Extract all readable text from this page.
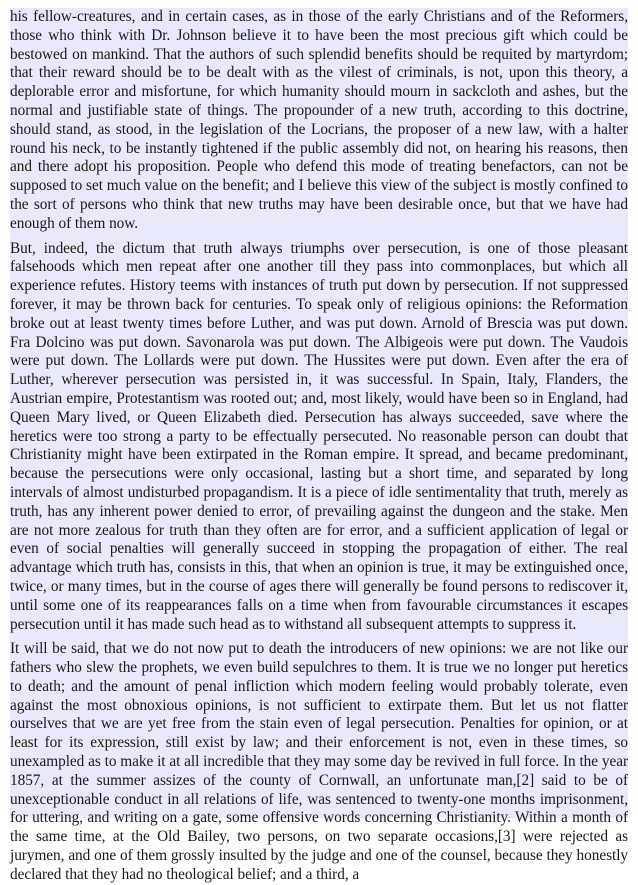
his fellow-creatures, and in certain cases, as in those of the early Christians and of the Reformers, those who think with Dr. Johnson believe it to have been the most precious gift which could be bestowed on mankind. That the authors of such splendid benefits should be requited by martyrdom; that their reward should be to be dealt with as the vilest of criminals, is not, upon this theory, a deplorable error and misfortune, for which humanity should mourn in sackcloth and ashes, but the normal and justifiable state of things. The propounder of a new truth, according to this doctrine, should stand, as stood, in the legislation of the Locrians, the proposer of a new law, with a halter round his neck, to be instantly tightened if the public assembly did not, on hearing his reasons, then and there adopt his proposition. People who defend this mode of treating benefactors, can not be supposed to set much value on the benefit; and I believe this view of the subject is mostly confined to the sort of persons who think that new truths may have been desirable once, but that we have had enough of them now.

But, indeed, the dictum that truth always triumphs over persecution, is one of those pleasant falsehoods which men repeat after one another till they pass into commonplaces, but which all experience refutes. History teems with instances of truth put down by persecution. If not suppressed forever, it may be thrown back for centuries. To speak only of religious opinions: the Reformation broke out at least twenty times before Luther, and was put down. Arnold of Brescia was put down. Fra Dolcino was put down. Savonarola was put down. The Albigeois were put down. The Vaudois were put down. The Lollards were put down. The Hussites were put down. Even after the era of Luther, wherever persecution was persisted in, it was successful. In Spain, Italy, Flanders, the Austrian empire, Protestantism was rooted out; and, most likely, would have been so in England, had Queen Mary lived, or Queen Elizabeth died. Persecution has always succeeded, save where the heretics were too strong a party to be effectually persecuted. No reasonable person can doubt that Christianity might have been extirpated in the Roman empire. It spread, and became predominant, because the persecutions were only occasional, lasting but a short time, and separated by long intervals of almost undisturbed propagandism. It is a piece of idle sentimentality that truth, merely as truth, has any inherent power denied to error, of prevailing against the dungeon and the stake. Men are not more zealous for truth than they often are for error, and a sufficient application of legal or even of social penalties will generally succeed in stopping the propagation of either. The real advantage which truth has, consists in this, that when an opinion is true, it may be extinguished once, twice, or many times, but in the course of ages there will generally be found persons to rediscover it, until some one of its reappearances falls on a time when from favourable circumstances it escapes persecution until it has made such head as to withstand all subsequent attempts to suppress it.

It will be said, that we do not now put to death the introducers of new opinions: we are not like our fathers who slew the prophets, we even build sepulchres to them. It is true we no longer put heretics to death; and the amount of penal infliction which modern feeling would probably tolerate, even against the most obnoxious opinions, is not sufficient to extirpate them. But let us not flatter ourselves that we are yet free from the stain even of legal persecution. Penalties for opinion, or at least for its expression, still exist by law; and their enforcement is not, even in these times, so unexampled as to make it at all incredible that they may some day be revived in full force. In the year 1857, at the summer assizes of the county of Cornwall, an unfortunate man,[2] said to be of unexceptionable conduct in all relations of life, was sentenced to twenty-one months imprisonment, for uttering, and writing on a gate, some offensive words concerning Christianity. Within a month of the same time, at the Old Bailey, two persons, on two separate occasions,[3] were rejected as jurymen, and one of them grossly insulted by the judge and one of the counsel, because they honestly declared that they had no theological belief; and a third, a
